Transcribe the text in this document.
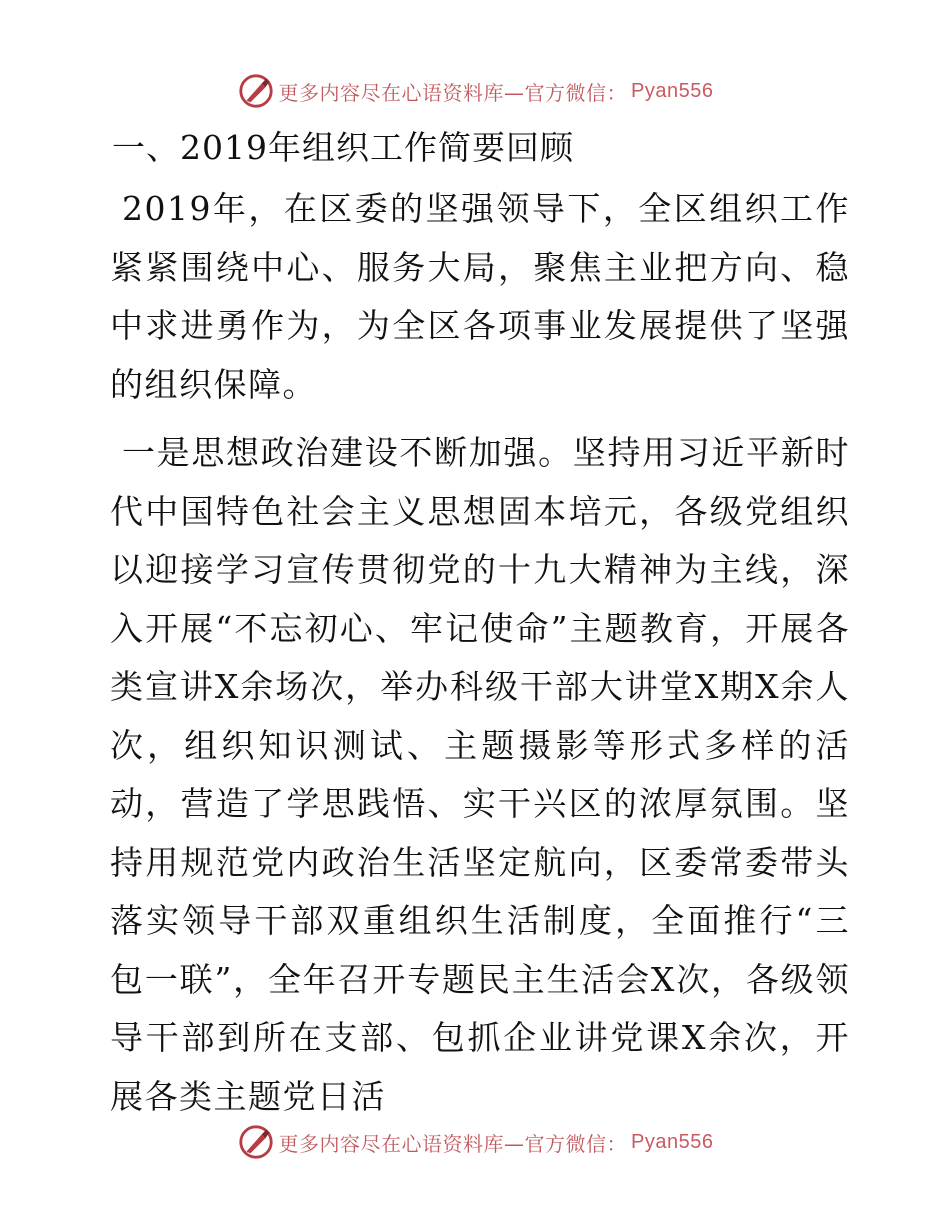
更多内容尽在心语资料库—官方微信： Pyan556
一、2019年组织工作简要回顾

2019年，在区委的坚强领导下，全区组织工作紧紧围绕中心、服务大局，聚焦主业把方向、稳中求进勇作为，为全区各项事业发展提供了坚强的组织保障。

一是思想政治建设不断加强。坚持用习近平新时代中国特色社会主义思想固本培元，各级党组织以迎接学习宣传贯彻党的十九大精神为主线，深入开展“不忘初心、牢记使命”主题教育，开展各类宣讲X余场次，举办科级干部大讲堂X期X余人次，组织知识测试、主题摄影等形式多样的活动，营造了学思践悟、实干兴区的浓厚氛围。坚持用规范党内政治生活坚定航向，区委常委带头落实领导干部双重组织生活制度，全面推行“三包一联”，全年召开专题民主生活会X次，各级领导干部到所在支部、包抓企业讲党课X余次，开展各类主题党日活

更多内容尽在心语资料库—官方微信： Pyan556
